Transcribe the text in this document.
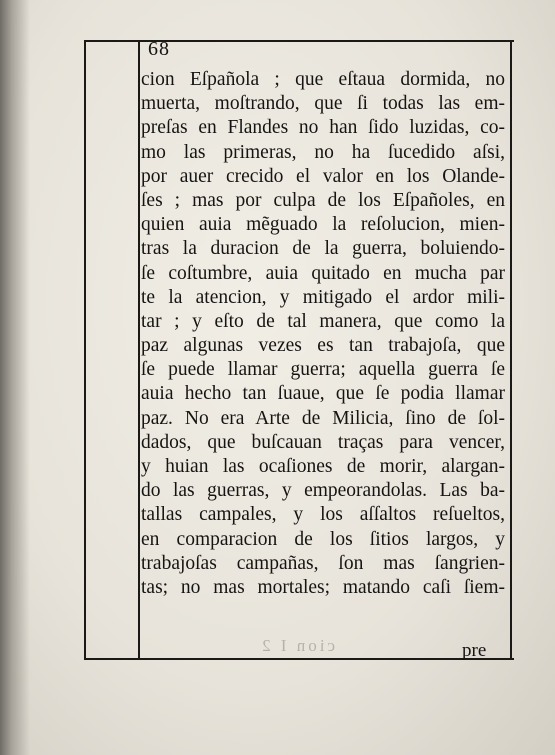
68
cion Eſpañola ; que eſtaua dormida, no
muerta, moſtrando, que ſi todas las em-
preſas en Flandes no han ſido luzidas, co-
mo las primeras, no ha ſucedido aſsi,
por auer crecido el valor en los Olande-
ſes ; mas por culpa de los Eſpañoles, en
quien auia mẽguado la reſolucion, mien-
tras la duracion de la guerra, boluiendo-
ſe coſtumbre, auia quitado en mucha par
te la atencion, y mitigado el ardor mili-
tar ; y eſto de tal manera, que como la
paz algunas vezes es tan trabajoſa, que
ſe puede llamar guerra; aquella guerra ſe
auia hecho tan ſuaue, que ſe podia llamar
paz. No era Arte de Milicia, ſino de ſol-
dados, que buſcauan traças para vencer,
y huian las ocaſiones de morir, alargan-
do las guerras, y empeorandolas. Las ba-
tallas campales, y los aſſaltos reſueltos,
en comparacion de los ſitios largos, y
trabajoſas campañas, ſon mas ſangrien-
tas; no mas mortales; matando caſi ſiem-
cion I 2	pre
